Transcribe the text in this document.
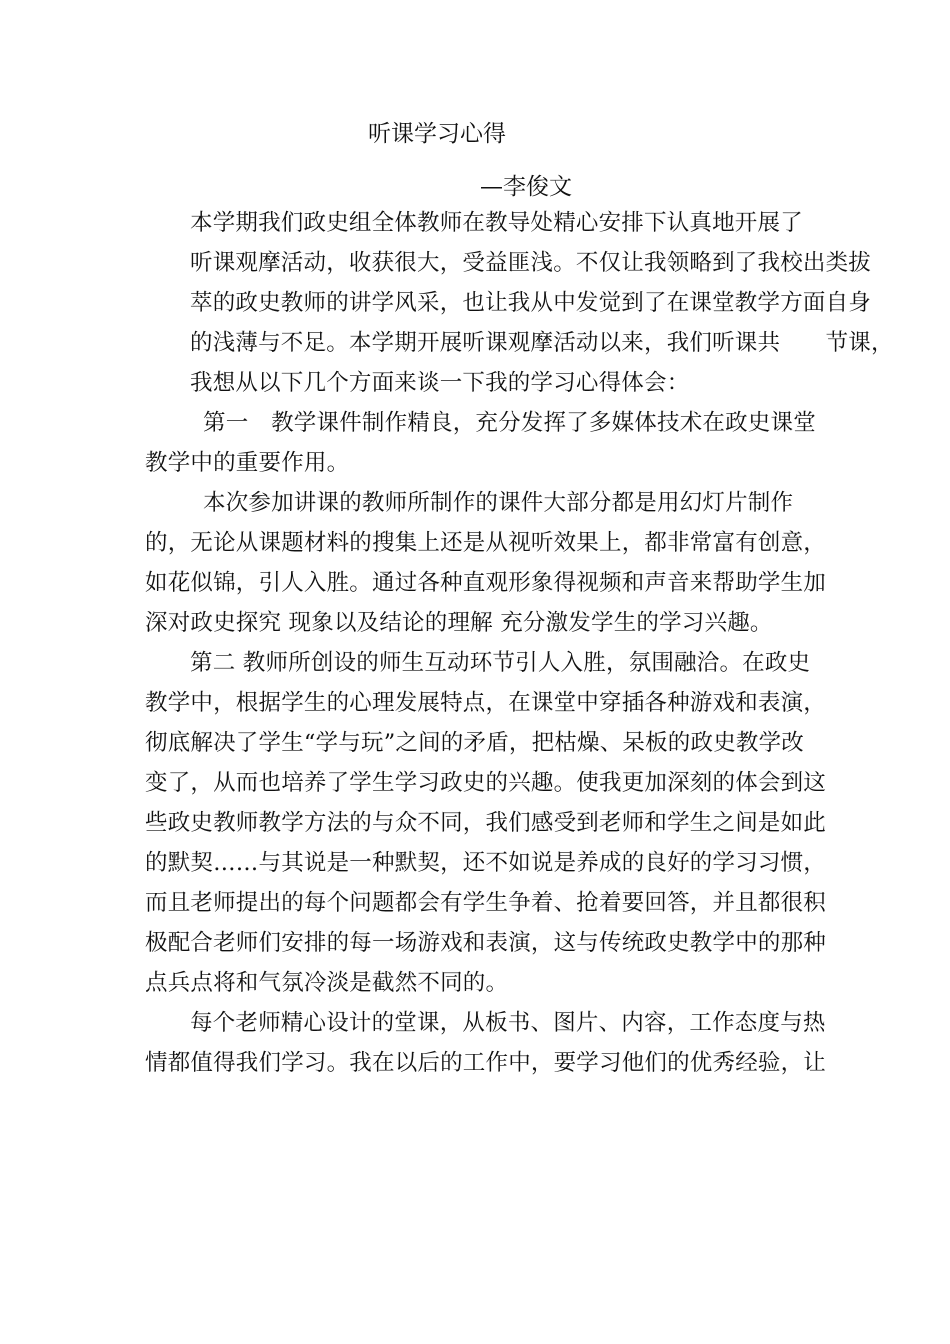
听课学习心得
—李俊文

本学期我们政史组全体教师在教导处精心安排下认真地开展了
听课观摩活动，收获很大，受益匪浅。不仅让我领略到了我校出类拔
萃的政史教师的讲学风采，也让我从中发觉到了在课堂教学方面自身
的浅薄与不足。本学期开展听课观摩活动以来，我们听课共　　节课，
我想从以下几个方面来谈一下我的学习心得体会：

第一　教学课件制作精良，充分发挥了多媒体技术在政史课堂
教学中的重要作用。

本次参加讲课的教师所制作的课件大部分都是用幻灯片制作
的，无论从课题材料的搜集上还是从视听效果上，都非常富有创意，
如花似锦，引人入胜。通过各种直观形象得视频和声音来帮助学生加
深对政史探究 现象以及结论的理解 充分激发学生的学习兴趣。

第二 教师所创设的师生互动环节引人入胜，氛围融洽。在政史
教学中，根据学生的心理发展特点，在课堂中穿插各种游戏和表演，
彻底解决了学生“学与玩”之间的矛盾，把枯燥、呆板的政史教学改
变了，从而也培养了学生学习政史的兴趣。使我更加深刻的体会到这
些政史教师教学方法的与众不同，我们感受到老师和学生之间是如此
的默契……与其说是一种默契，还不如说是养成的良好的学习习惯，
而且老师提出的每个问题都会有学生争着、抢着要回答，并且都很积
极配合老师们安排的每一场游戏和表演，这与传统政史教学中的那种
点兵点将和气氛冷淡是截然不同的。

每个老师精心设计的堂课，从板书、图片、内容，工作态度与热
情都值得我们学习。我在以后的工作中，要学习他们的优秀经验，让
